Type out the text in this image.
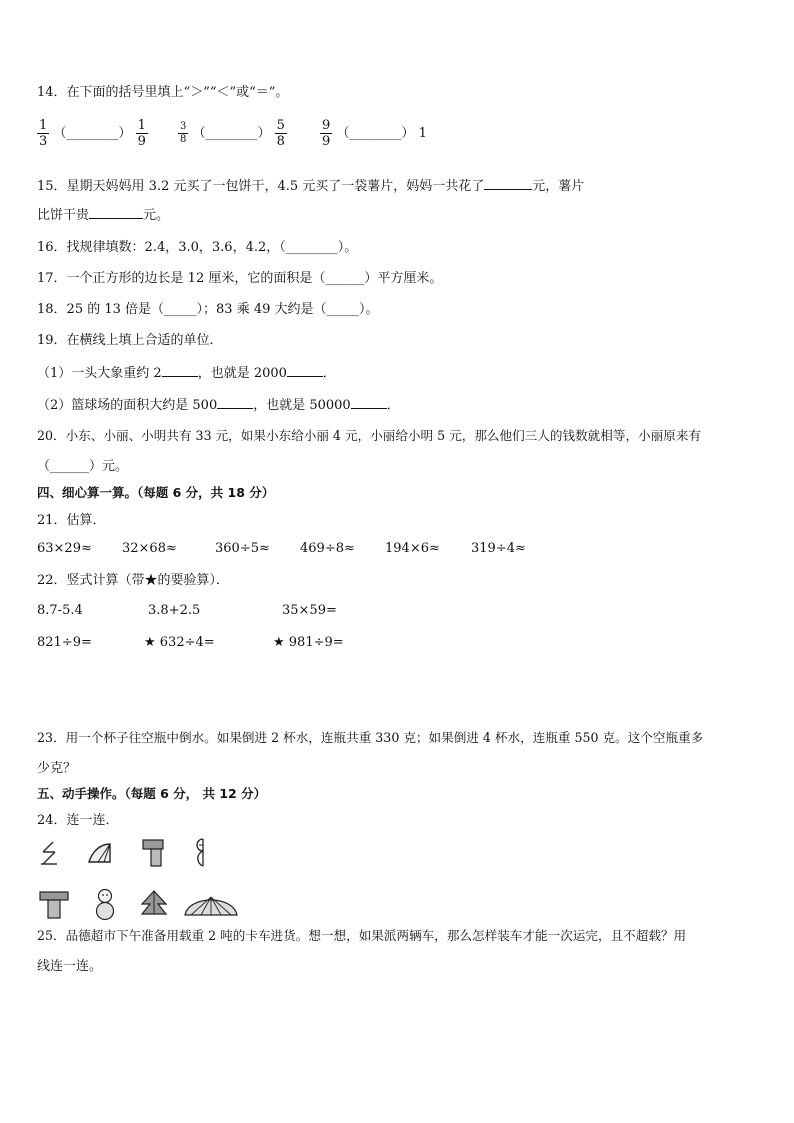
14．在下面的括号里填上“＞”“＜”或“＝”。
$\frac{1}{3}$ （________） $\frac{1}{9}$	$\frac{3}{8}$ （________） $\frac{5}{8}$	$\frac{9}{9}$ （________） 1
15．星期天妈妈用 3.2 元买了一包饼干，4.5 元买了一袋薯片，妈妈一共花了	元，薯片
比饼干贵	元。
16．找规律填数：2.4，3.0，3.6，4.2，（________）。
17．一个正方形的边长是 12 厘米，它的面积是（______）平方厘米。
18．25 的 13 倍是（_____）；83 乘 49 大约是（_____）。
19．在横线上填上合适的单位．
（1）一头大象重约 2	，也就是 2000	．
（2）篮球场的面积大约是 500	，也就是 50000	．
20．小东、小丽、小明共有 33 元，如果小东给小丽 4 元，小丽给小明 5 元，那么他们三人的钱数就相等，小丽原来有
（______）元。
四、细心算一算。（每题 6 分，共 18 分）
21．估算．
63×29≈ 32×68≈	360÷5≈ 469÷8≈ 194×6≈ 319÷4≈
22．竖式计算（带★的要验算）．
8.7-5.4	3.8+2.5	35×59=
821÷9=	★ 632÷4=	★ 981÷9=
23．用一个杯子往空瓶中倒水。如果倒进 2 杯水，连瓶共重 330 克；如果倒进 4 杯水，连瓶重 550 克。这个空瓶重多
少克？
五、动手操作。（每题 6 分， 共 12 分）
24．连一连．
25．品德超市下午准备用载重 2 吨的卡车进货。想一想，如果派两辆车，那么怎样装车才能一次运完，且不超载？用
线连一连。
